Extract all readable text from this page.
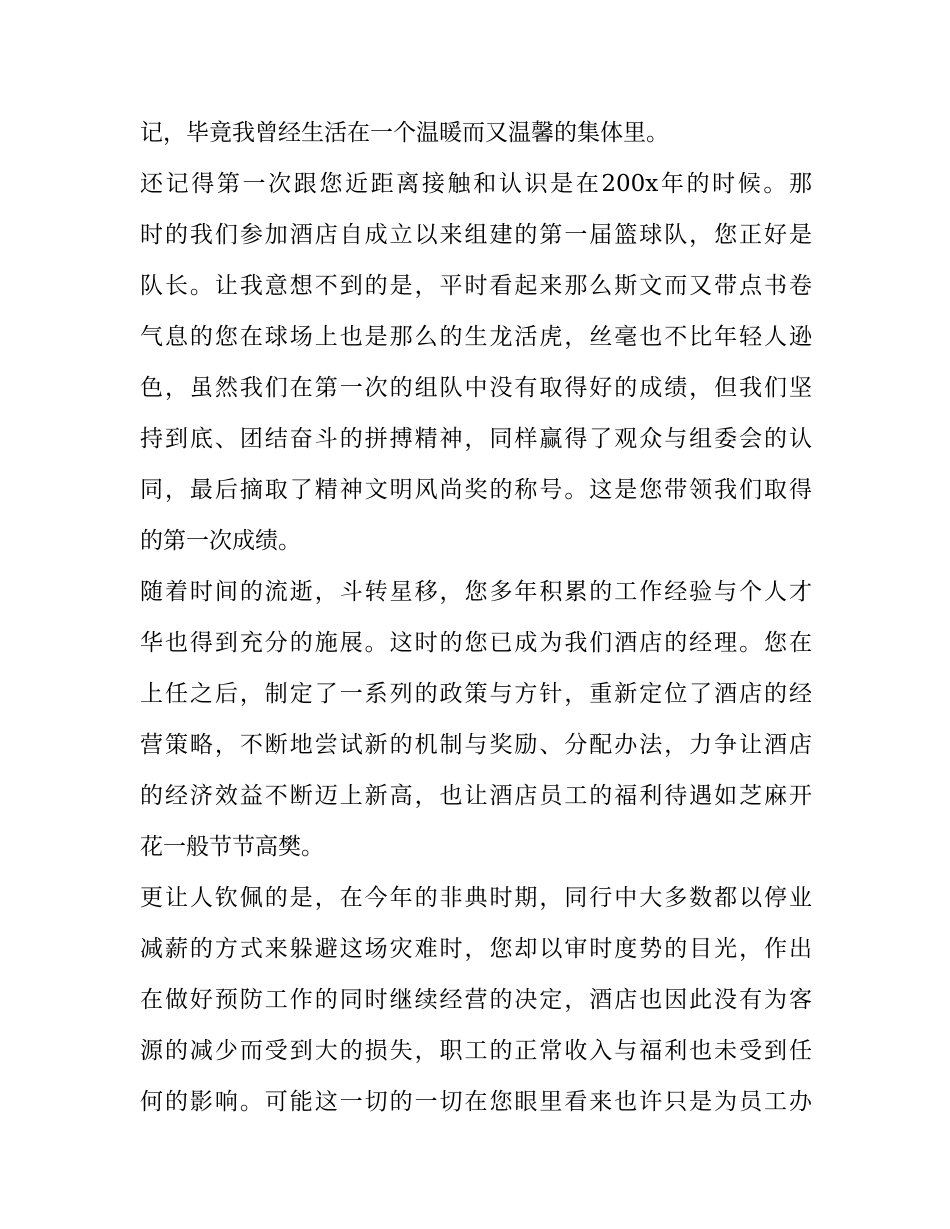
记，毕竟我曾经生活在一个温暖而又温馨的集体里。
还记得第一次跟您近距离接触和认识是在200x年的时候。那
时的我们参加酒店自成立以来组建的第一届篮球队，您正好是
队长。让我意想不到的是，平时看起来那么斯文而又带点书卷
气息的您在球场上也是那么的生龙活虎，丝毫也不比年轻人逊
色，虽然我们在第一次的组队中没有取得好的成绩，但我们坚
持到底、团结奋斗的拼搏精神，同样赢得了观众与组委会的认
同，最后摘取了精神文明风尚奖的称号。这是您带领我们取得
的第一次成绩。
随着时间的流逝，斗转星移，您多年积累的工作经验与个人才
华也得到充分的施展。这时的您已成为我们酒店的经理。您在
上任之后，制定了一系列的政策与方针，重新定位了酒店的经
营策略，不断地尝试新的机制与奖励、分配办法，力争让酒店
的经济效益不断迈上新高，也让酒店员工的福利待遇如芝麻开
花一般节节高樊。
更让人钦佩的是，在今年的非典时期，同行中大多数都以停业
减薪的方式来躲避这场灾难时，您却以审时度势的目光，作出
在做好预防工作的同时继续经营的决定，酒店也因此没有为客
源的减少而受到大的损失，职工的正常收入与福利也未受到任
何的影响。可能这一切的一切在您眼里看来也许只是为员工办
